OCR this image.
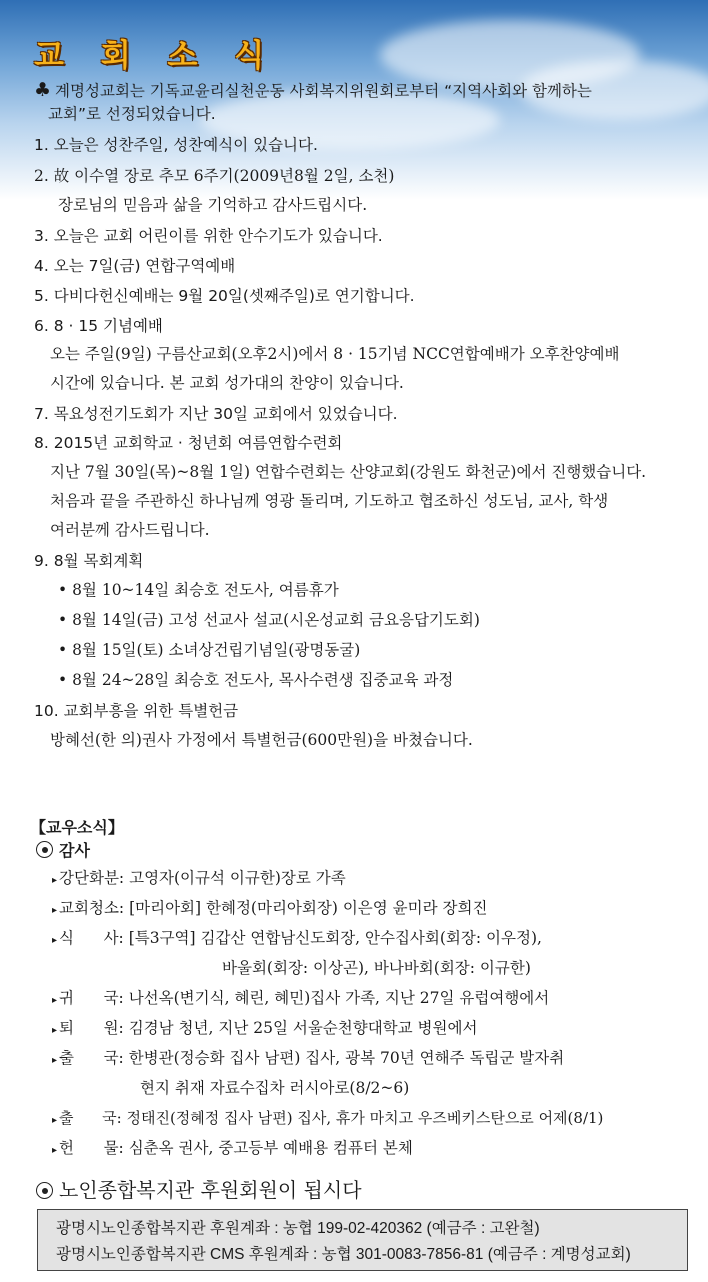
교 회 소 식
♣ 계명성교회는 기독교윤리실천운동 사회복지위원회로부터 “지역사회와 함께하는
교회”로 선정되었습니다.
1. 오늘은 성찬주일, 성찬예식이 있습니다.
2. 故 이수열 장로 추모 6주기(2009년8월 2일, 소천)
장로님의 믿음과 삶을 기억하고 감사드립시다.
3. 오늘은 교회 어린이를 위한 안수기도가 있습니다.
4. 오는 7일(금) 연합구역예배
5. 다비다헌신예배는 9월 20일(셋째주일)로 연기합니다.
6. 8 · 15 기념예배
오는 주일(9일) 구름산교회(오후2시)에서 8 · 15기념 NCC연합예배가 오후찬양예배
시간에 있습니다. 본 교회 성가대의 찬양이 있습니다.
7. 목요성전기도회가 지난 30일 교회에서 있었습니다.
8. 2015년 교회학교 · 청년회 여름연합수련회
지난 7월 30일(목)~8월 1일) 연합수련회는 산양교회(강원도 화천군)에서 진행했습니다.
처음과 끝을 주관하신 하나님께 영광 돌리며, 기도하고 협조하신 성도님, 교사, 학생
여러분께 감사드립니다.
9. 8월 목회계획
• 8월 10~14일 최승호 전도사, 여름휴가
• 8월 14일(금) 고성 선교사 설교(시온성교회 금요응답기도회)
• 8월 15일(토) 소녀상건립기념일(광명동굴)
• 8월 24~28일 최승호 전도사, 목사수련생 집중교육 과정
10. 교회부흥을 위한 특별헌금
방혜선(한 의)권사 가정에서 특별헌금(600만원)을 바쳤습니다.
【교우소식】
감사
▸ 강단화분: 고영자(이규석 이규한)장로 가족
▸ 교회청소: [마리아회] 한혜정(마리아회장) 이은영 윤미라 장희진
▸ 식      사: [특3구역] 김갑산 연합남신도회장, 안수집사회(회장: 이우정),
바울회(회장: 이상곤), 바나바회(회장: 이규한)
▸ 귀      국: 나선옥(변기식, 혜린, 혜민)집사 가족, 지난 27일 유럽여행에서
▸ 퇴      원: 김경남 청년, 지난 25일 서울순천향대학교 병원에서
▸ 출      국: 한병관(정승화 집사 남편) 집사, 광복 70년 연해주 독립군 발자취
현지 취재 자료수집차 러시아로(8/2~6)
▸ 출      국: 정태진(정혜정 집사 남편) 집사, 휴가 마치고 우즈베키스탄으로 어제(8/1)
▸ 헌      물: 심춘옥 권사, 중고등부 예배용 컴퓨터 본체
노인종합복지관 후원회원이 됩시다
광명시노인종합복지관 후원계좌 : 농협 199-02-420362 (예금주 : 고완철)
광명시노인종합복지관 CMS 후원계좌 : 농협 301-0083-7856-81 (예금주 : 계명성교회)
